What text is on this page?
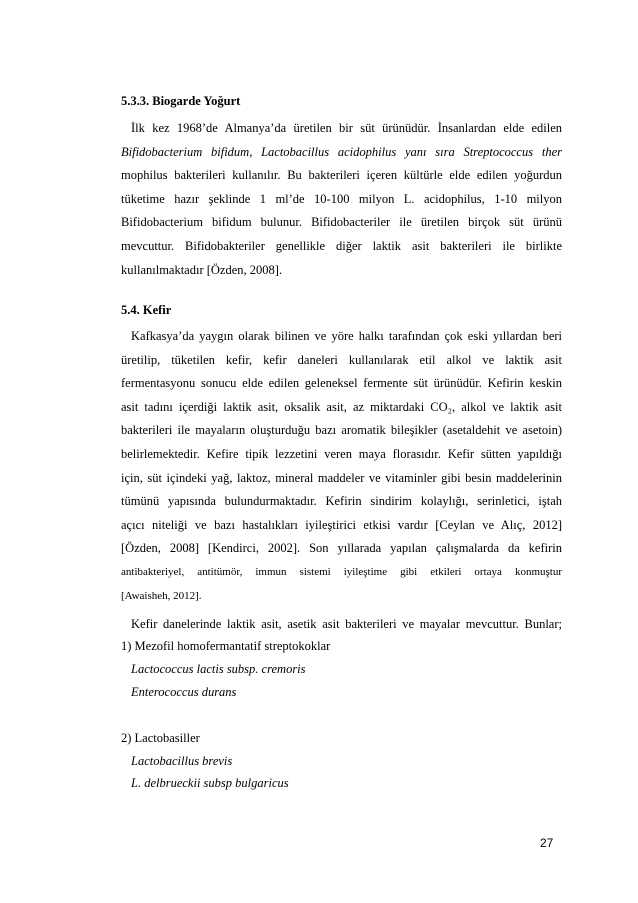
5.3.3. Biogarde Yoğurt
İlk kez 1968’de Almanya’da üretilen bir süt ürünüdür. İnsanlardan elde edilen
Bifidobacterium bifidum, Lactobacillus acidophilus yanı sıra Streptococcus ther
mophilus bakterileri kullanılır. Bu bakterileri içeren kültürle elde edilen yoğurdun
tüketime hazır şeklinde 1 ml’de 10-100 milyon L. acidophilus, 1-10 milyon
Bifidobacterium bifidum bulunur. Bifidobacteriler ile üretilen birçok süt ürünü
mevcuttur. Bifidobakteriler genellikle diğer laktik asit bakterileri ile birlikte
kullanılmaktadır [Özden, 2008].
5.4. Kefir
Kafkasya’da yaygın olarak bilinen ve yöre halkı tarafından çok eski yıllardan beri
üretilip, tüketilen kefir, kefir daneleri kullanılarak etil alkol ve laktik asit
fermentasyonu sonucu elde edilen geleneksel fermente süt ürünüdür. Kefirin keskin
asit tadını içerdiği laktik asit, oksalik asit, az miktardaki CO₂, alkol ve laktik asit
bakterileri ile mayaların oluşturduğu bazı aromatik bileşikler (asetaldehit ve asetoin)
belirlemektedir. Kefire tipik lezzetini veren maya florasıdır. Kefir sütten yapıldığı
için, süt içindeki yağ, laktoz, mineral maddeler ve vitaminler gibi besin maddelerinin
tümünü yapısında bulundurmaktadır. Kefirin sindirim kolaylığı, serinletici, iştah
açıcı niteliği ve bazı hastalıkları iyileştirici etkisi vardır [Ceylan ve Alıç, 2012]
[Özden, 2008] [Kendirci, 2002]. Son yıllarada yapılan çalışmalarda da kefirin
antibakteriyel, antitümör, immun sistemi iyileştime gibi etkileri ortaya konmuştur
[Awaisheh, 2012].
Kefir danelerinde laktik asit, asetik asit bakterileri ve mayalar mevcuttur. Bunlar;
1) Mezofil homofermantatif streptokoklar
Lactococcus lactis subsp. cremoris
Enterococcus durans
2) Lactobasiller
Lactobacillus brevis
L. delbrueckii subsp bulgaricus
27
